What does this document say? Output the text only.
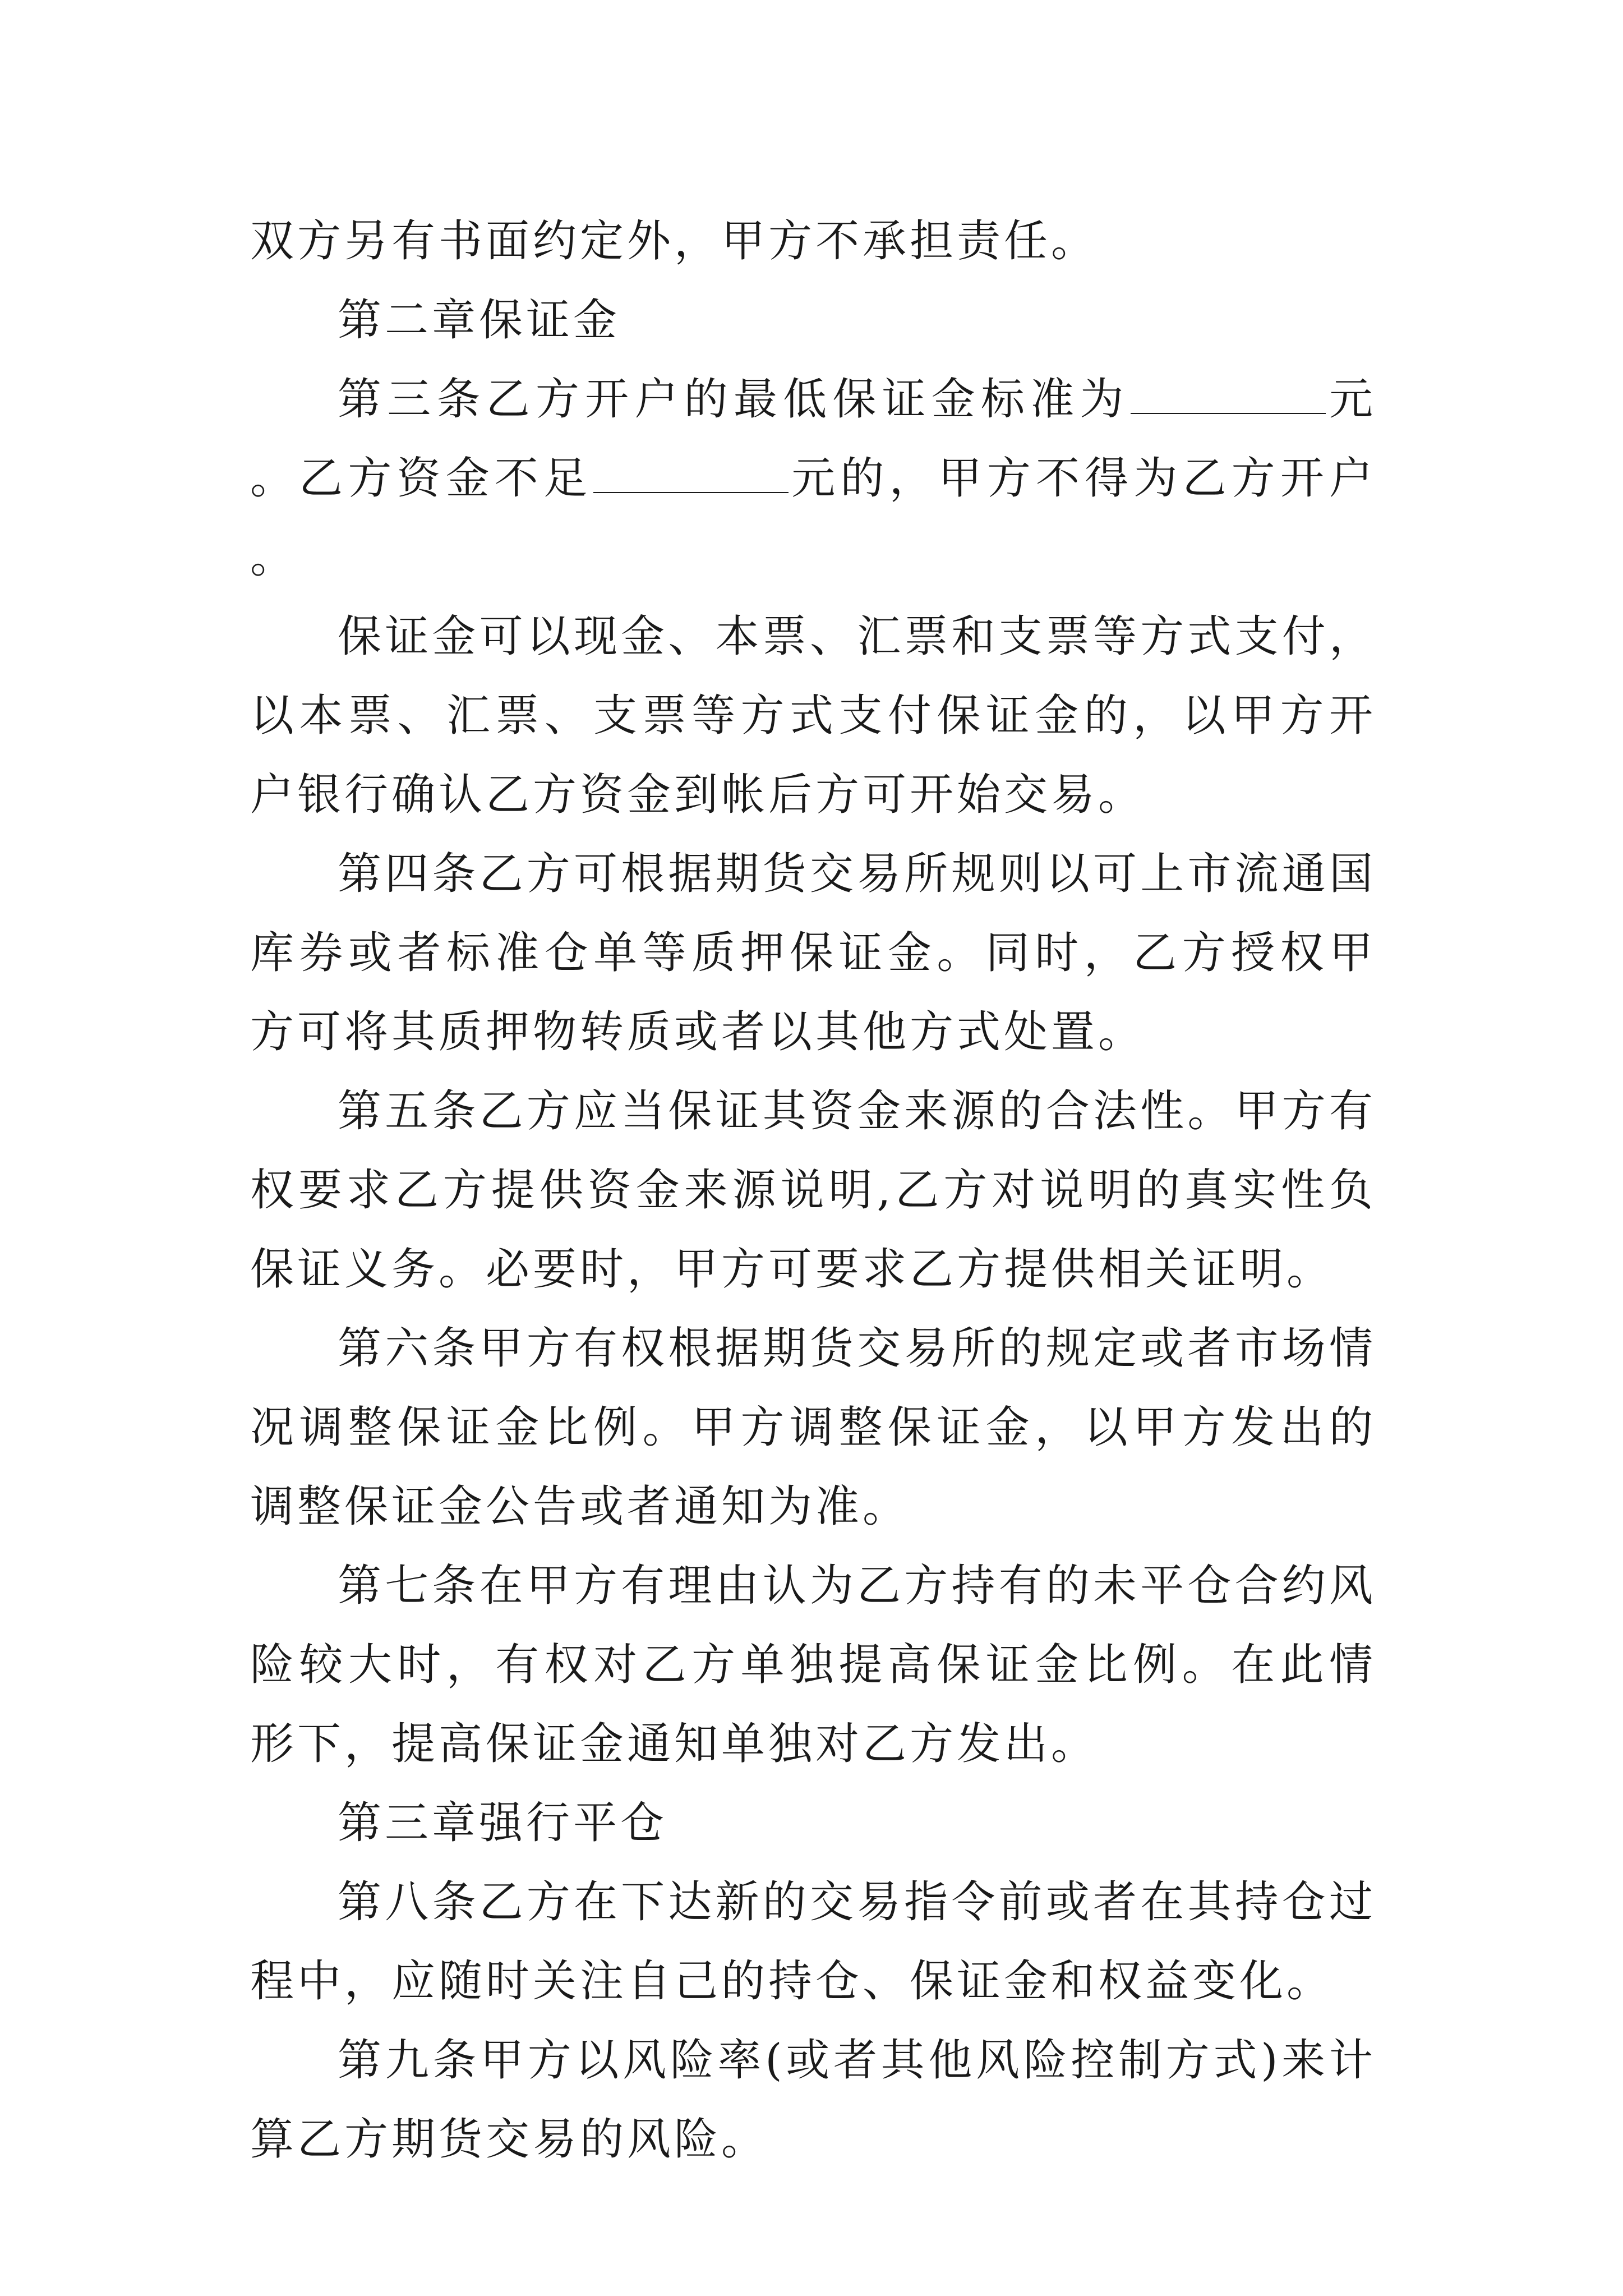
双方另有书面约定外，甲方不承担责任。

第二章保证金

第三条乙方开户的最低保证金标准为	元。乙方资金不足	元的，甲方不得为乙方开户。

保证金可以现金、本票、汇票和支票等方式支付，以本票、汇票、支票等方式支付保证金的，以甲方开户银行确认乙方资金到帐后方可开始交易。

第四条乙方可根据期货交易所规则以可上市流通国库券或者标准仓单等质押保证金。同时，乙方授权甲方可将其质押物转质或者以其他方式处置。

第五条乙方应当保证其资金来源的合法性。甲方有权要求乙方提供资金来源说明,乙方对说明的真实性负保证义务。必要时，甲方可要求乙方提供相关证明。

第六条甲方有权根据期货交易所的规定或者市场情况调整保证金比例。甲方调整保证金，以甲方发出的调整保证金公告或者通知为准。

第七条在甲方有理由认为乙方持有的未平仓合约风险较大时，有权对乙方单独提高保证金比例。在此情形下，提高保证金通知单独对乙方发出。

第三章强行平仓

第八条乙方在下达新的交易指令前或者在其持仓过程中，应随时关注自己的持仓、保证金和权益变化。

第九条甲方以风险率(或者其他风险控制方式)来计算乙方期货交易的风险。
